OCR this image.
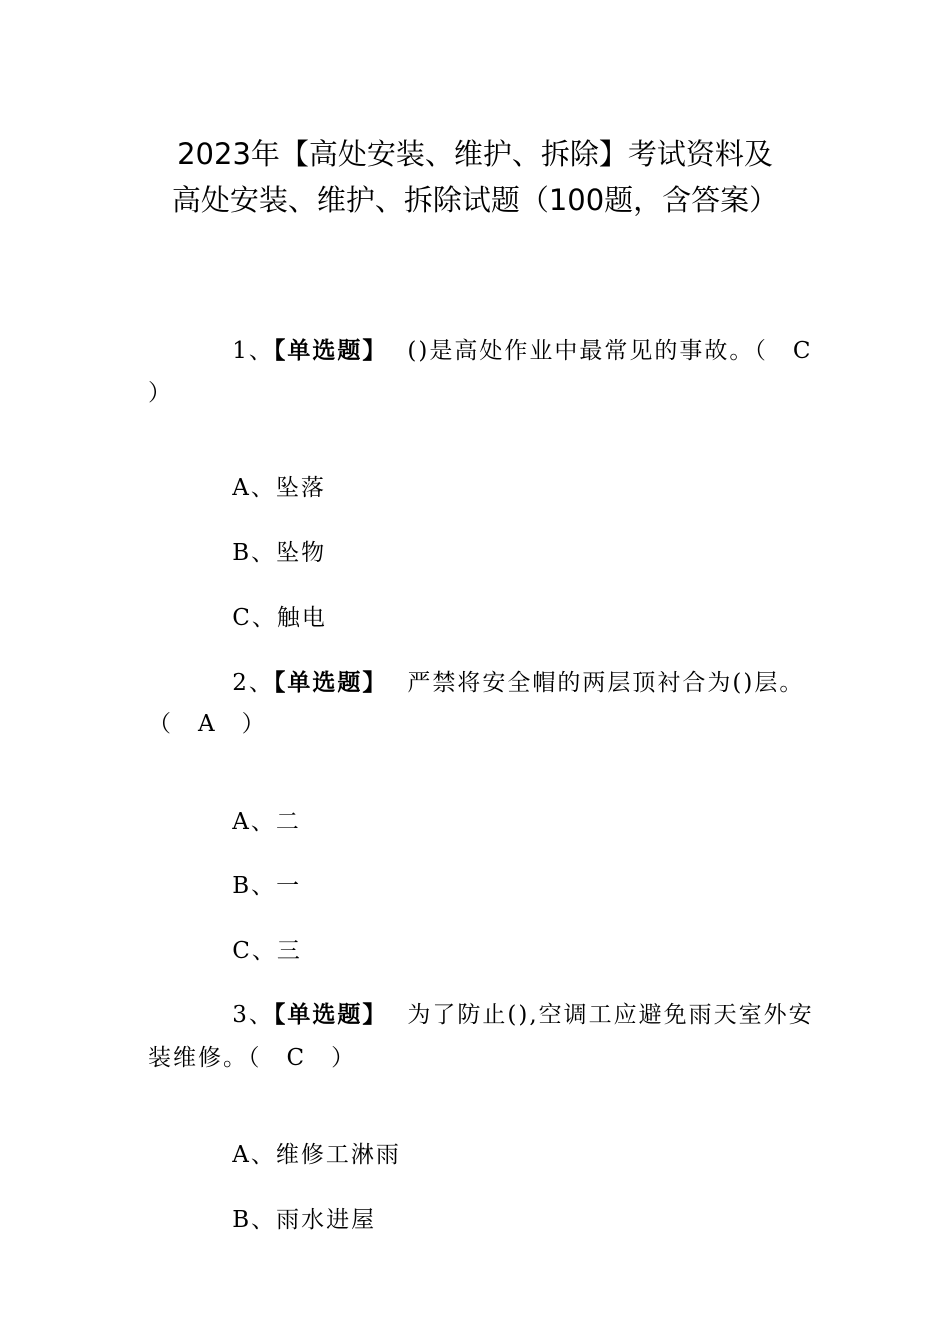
2023年【高处安装、维护、拆除】考试资料及
高处安装、维护、拆除试题（100题，含答案）

1、【单选题】 ()是高处作业中最常见的事故。（　C

）

A、坠落

B、坠物

C、触电

2、【单选题】 严禁将安全帽的两层顶衬合为()层。

（　A　）

A、二

B、一

C、三

3、【单选题】 为了防止(),空调工应避免雨天室外安

装维修。（　C　）

A、维修工淋雨

B、雨水进屋
